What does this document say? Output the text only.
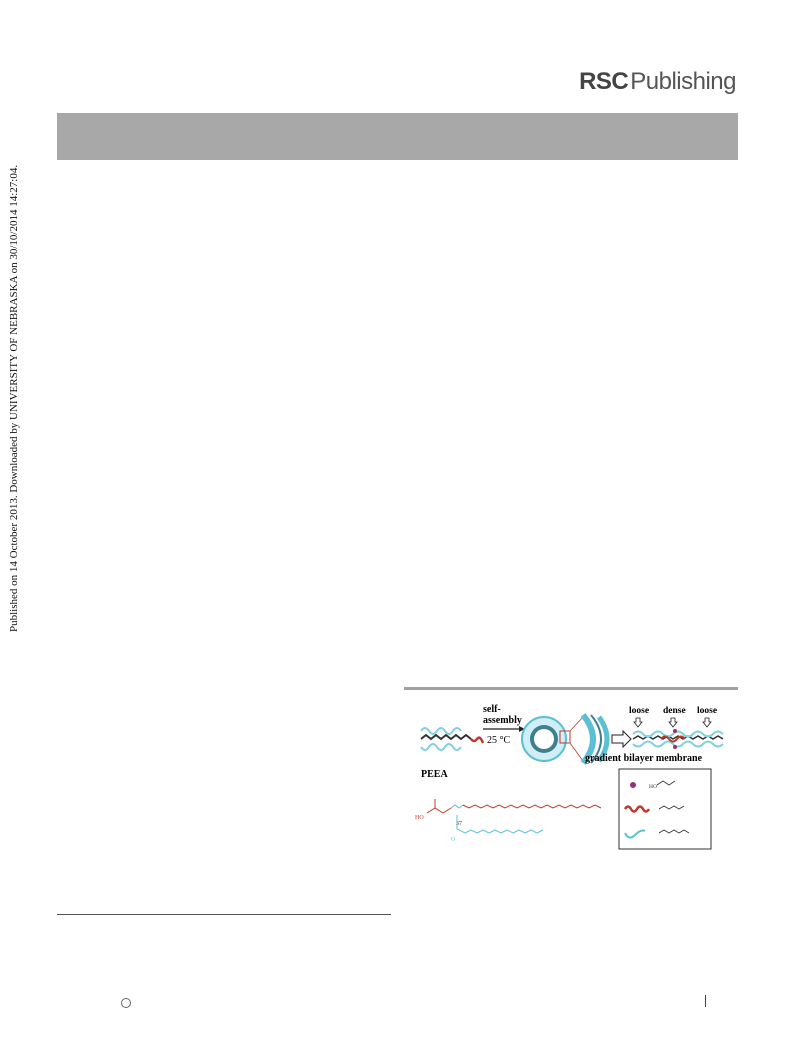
RSCPublishing
Published on 14 October 2013. Downloaded by UNIVERSITY OF NEBRASKA on 30/10/2014 14:27:04.
self-
assembly
25 °C
loose dense loose
gradient bilayer membrane
PEEA
HO
37
O
HO
